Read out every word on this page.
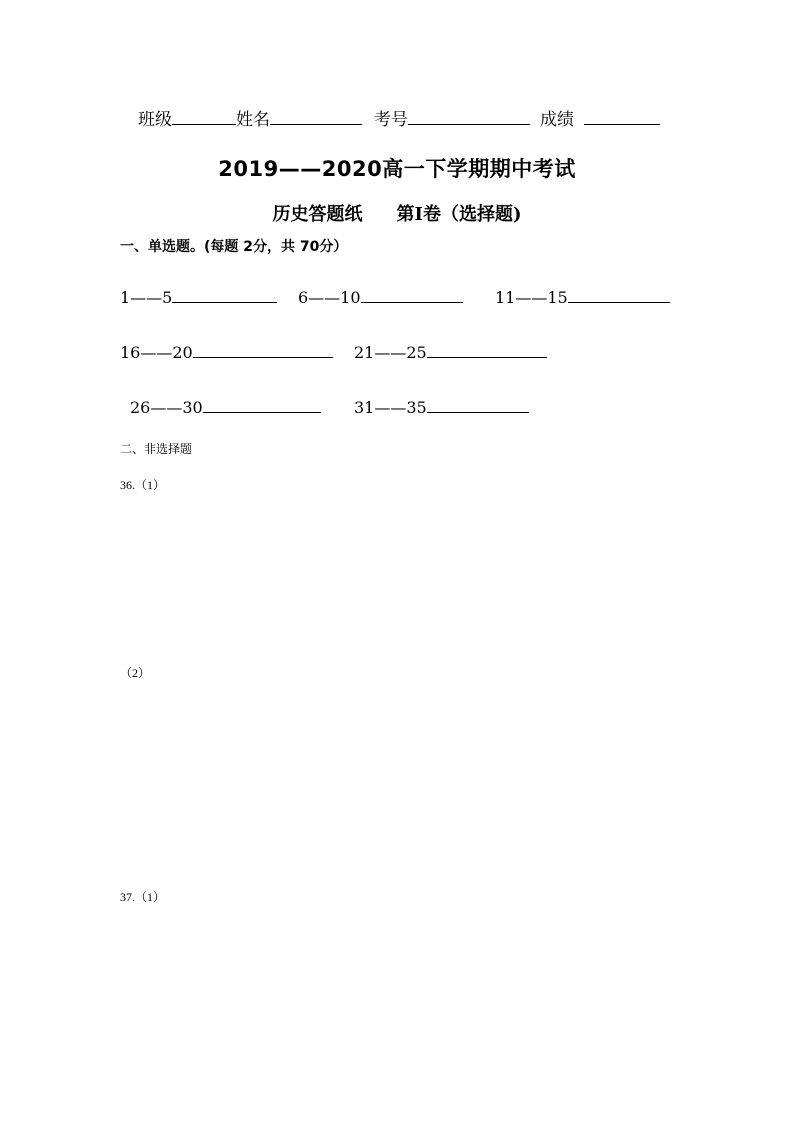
班级	姓名	考号	成绩
2019——2020高一下学期期中考试
历史答题纸 第Ⅰ卷（选择题)
一、单选题。(每题 2分，共 70分）
1——5	6——10	11——15
16——20	21——25
26——30	31——35
二、非选择题
36.（1）
（2）
37.（1）
